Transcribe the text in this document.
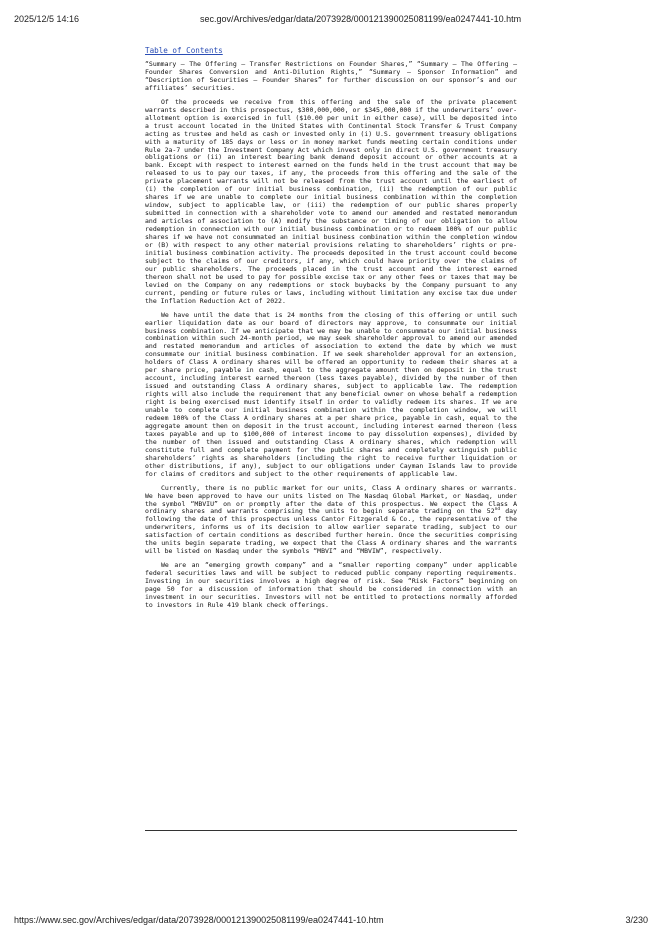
2025/12/5 14:16	sec.gov/Archives/edgar/data/2073928/000121390025081199/ea0247441-10.htm
Table of Contents

“Summary — The Offering — Transfer Restrictions on Founder Shares,” “Summary — The Offering — Founder Shares Conversion and Anti-Dilution Rights,” “Summary — Sponsor Information” and “Description of Securities — Founder Shares” for further discussion on our sponsor’s and our affiliates’ securities.

Of the proceeds we receive from this offering and the sale of the private placement warrants described in this prospectus, $300,000,000, or $345,000,000 if the underwriters’ over-allotment option is exercised in full ($10.00 per unit in either case), will be deposited into a trust account located in the United States with Continental Stock Transfer & Trust Company acting as trustee and held as cash or invested only in (i) U.S. government treasury obligations with a maturity of 185 days or less or in money market funds meeting certain conditions under Rule 2a-7 under the Investment Company Act which invest only in direct U.S. government treasury obligations or (ii) an interest bearing bank demand deposit account or other accounts at a bank. Except with respect to interest earned on the funds held in the trust account that may be released to us to pay our taxes, if any, the proceeds from this offering and the sale of the private placement warrants will not be released from the trust account until the earliest of (i) the completion of our initial business combination, (ii) the redemption of our public shares if we are unable to complete our initial business combination within the completion window, subject to applicable law, or (iii) the redemption of our public shares properly submitted in connection with a shareholder vote to amend our amended and restated memorandum and articles of association to (A) modify the substance or timing of our obligation to allow redemption in connection with our initial business combination or to redeem 100% of our public shares if we have not consummated an initial business combination within the completion window or (B) with respect to any other material provisions relating to shareholders’ rights or pre-initial business combination activity. The proceeds deposited in the trust account could become subject to the claims of our creditors, if any, which could have priority over the claims of our public shareholders. The proceeds placed in the trust account and the interest earned thereon shall not be used to pay for possible excise tax or any other fees or taxes that may be levied on the Company on any redemptions or stock buybacks by the Company pursuant to any current, pending or future rules or laws, including without limitation any excise tax due under the Inflation Reduction Act of 2022.

We have until the date that is 24 months from the closing of this offering or until such earlier liquidation date as our board of directors may approve, to consummate our initial business combination. If we anticipate that we may be unable to consummate our initial business combination within such 24-month period, we may seek shareholder approval to amend our amended and restated memorandum and articles of association to extend the date by which we must consummate our initial business combination. If we seek shareholder approval for an extension, holders of Class A ordinary shares will be offered an opportunity to redeem their shares at a per share price, payable in cash, equal to the aggregate amount then on deposit in the trust account, including interest earned thereon (less taxes payable), divided by the number of then issued and outstanding Class A ordinary shares, subject to applicable law. The redemption rights will also include the requirement that any beneficial owner on whose behalf a redemption right is being exercised must identify itself in order to validly redeem its shares. If we are unable to complete our initial business combination within the completion window, we will redeem 100% of the Class A ordinary shares at a per share price, payable in cash, equal to the aggregate amount then on deposit in the trust account, including interest earned thereon (less taxes payable and up to $100,000 of interest income to pay dissolution expenses), divided by the number of then issued and outstanding Class A ordinary shares, which redemption will constitute full and complete payment for the public shares and completely extinguish public shareholders’ rights as shareholders (including the right to receive further liquidation or other distributions, if any), subject to our obligations under Cayman Islands law to provide for claims of creditors and subject to the other requirements of applicable law.

Currently, there is no public market for our units, Class A ordinary shares or warrants. We have been approved to have our units listed on The Nasdaq Global Market, or Nasdaq, under the symbol “MBVIU” on or promptly after the date of this prospectus. We expect the Class A ordinary shares and warrants comprising the units to begin separate trading on the 52nd day following the date of this prospectus unless Cantor Fitzgerald & Co., the representative of the underwriters, informs us of its decision to allow earlier separate trading, subject to our satisfaction of certain conditions as described further herein. Once the securities comprising the units begin separate trading, we expect that the Class A ordinary shares and the warrants will be listed on Nasdaq under the symbols “MBVI” and “MBVIW”, respectively.

We are an “emerging growth company” and a “smaller reporting company” under applicable federal securities laws and will be subject to reduced public company reporting requirements. Investing in our securities involves a high degree of risk. See “Risk Factors” beginning on page 50 for a discussion of information that should be considered in connection with an investment in our securities. Investors will not be entitled to protections normally afforded to investors in Rule 419 blank check offerings.

https://www.sec.gov/Archives/edgar/data/2073928/000121390025081199/ea0247441-10.htm	3/230
